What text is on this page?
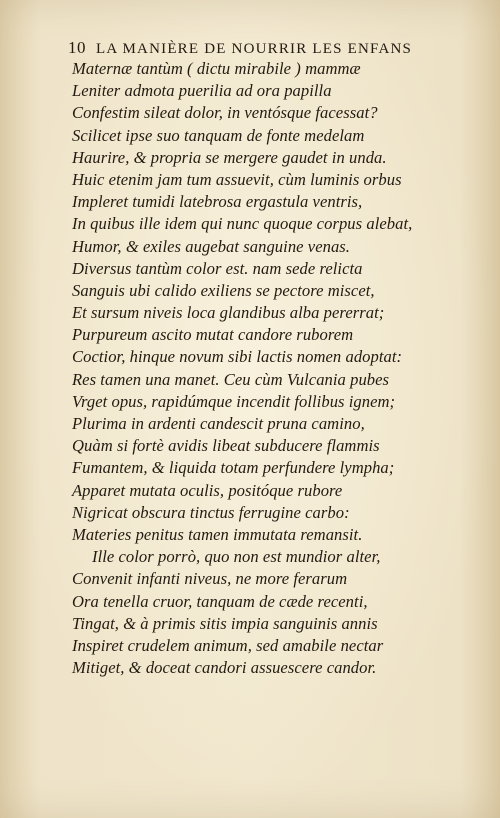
10 LA MANIÈRE DE NOURRIR LES ENFANS
Maternæ tantùm ( dictu mirabile ) mammæ
Leniter admota puerilia ad ora papilla
Confestim sileat dolor, in ventósque facessat?
Scilicet ipse suo tanquam de fonte medelam
Haurire, & propria se mergere gaudet in unda.
Huic etenim jam tum assuevit, cùm luminis orbus
Impleret tumidi latebrosa ergastula ventris,
In quibus ille idem qui nunc quoque corpus alebat,
Humor, & exiles augebat sanguine venas.
Diversus tantùm color est. nam sede relicta
Sanguis ubi calido exiliens se pectore miscet,
Et sursum niveis loca glandibus alba pererrat;
Purpureum ascito mutat candore ruborem
Coctior, hinque novum sibi lactis nomen adoptat:
Res tamen una manet. Ceu cùm Vulcania pubes
Vrget opus, rapidúmque incendit follibus ignem;
Plurima in ardenti candescit pruna camino,
Quàm si fortè avidis libeat subducere flammis
Fumantem, & liquida totam perfundere lympha;
Apparet mutata oculis, positóque rubore
Nigricat obscura tinctus ferrugine carbo:
Materies penitus tamen immutata remansit.
Ille color porrò, quo non est mundior alter,
Convenit infanti niveus, ne more ferarum
Ora tenella cruor, tanquam de cæde recenti,
Tingat, & à primis sitis impia sanguinis annis
Inspiret crudelem animum, sed amabile nectar
Mitiget, & doceat candori assuescere candor.
